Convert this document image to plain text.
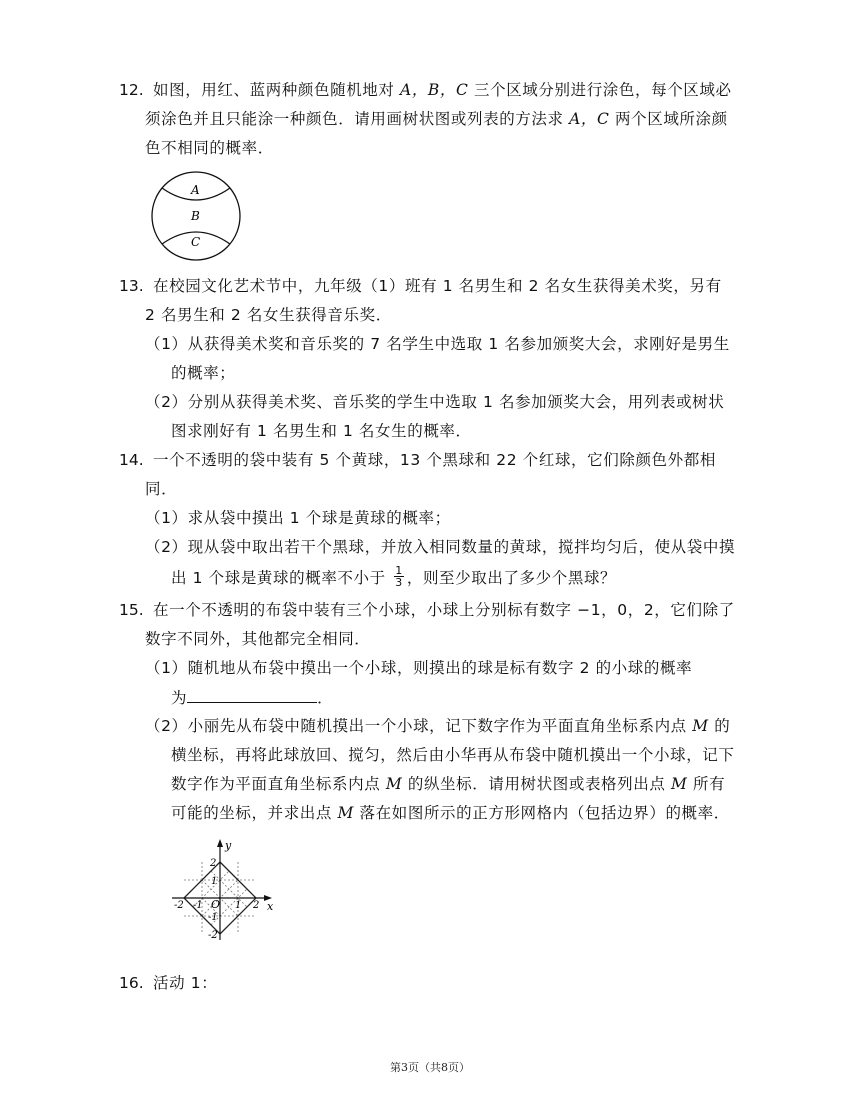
12. 如图，用红、蓝两种颜色随机地对 A，B，C 三个区域分别进行涂色，每个区域必
须涂色并且只能涂一种颜色．请用画树状图或列表的方法求 A，C 两个区域所涂颜
色不相同的概率．
A
B
C
13. 在校园文化艺术节中，九年级（1）班有 1 名男生和 2 名女生获得美术奖，另有
2 名男生和 2 名女生获得音乐奖．
（1）从获得美术奖和音乐奖的 7 名学生中选取 1 名参加颁奖大会，求刚好是男生
的概率；
（2）分别从获得美术奖、音乐奖的学生中选取 1 名参加颁奖大会，用列表或树状
图求刚好有 1 名男生和 1 名女生的概率．
14. 一个不透明的袋中装有 5 个黄球，13 个黑球和 22 个红球，它们除颜色外都相
同．
（1）求从袋中摸出 1 个球是黄球的概率；
（2）现从袋中取出若干个黑球，并放入相同数量的黄球，搅拌均匀后，使从袋中摸
出 1 个球是黄球的概率不小于 $\frac{1}{3}$ ，则至少取出了多少个黑球？
15. 在一个不透明的布袋中装有三个小球，小球上分别标有数字 −1，0，2，它们除了
数字不同外，其他都完全相同．
（1）随机地从布袋中摸出一个小球，则摸出的球是标有数字 2 的小球的概率
为	．
（2）小丽先从布袋中随机摸出一个小球，记下数字作为平面直角坐标系内点 M 的
横坐标，再将此球放回、搅匀，然后由小华再从布袋中随机摸出一个小球，记下
数字作为平面直角坐标系内点 M 的纵坐标．请用树状图或表格列出点 M 所有
可能的坐标，并求出点 M 落在如图所示的正方形网格内（包括边界）的概率．
x
y
O
-2 -1	1 2
2
1
-1
-2
16. 活动 1：
第3页（共8页）
